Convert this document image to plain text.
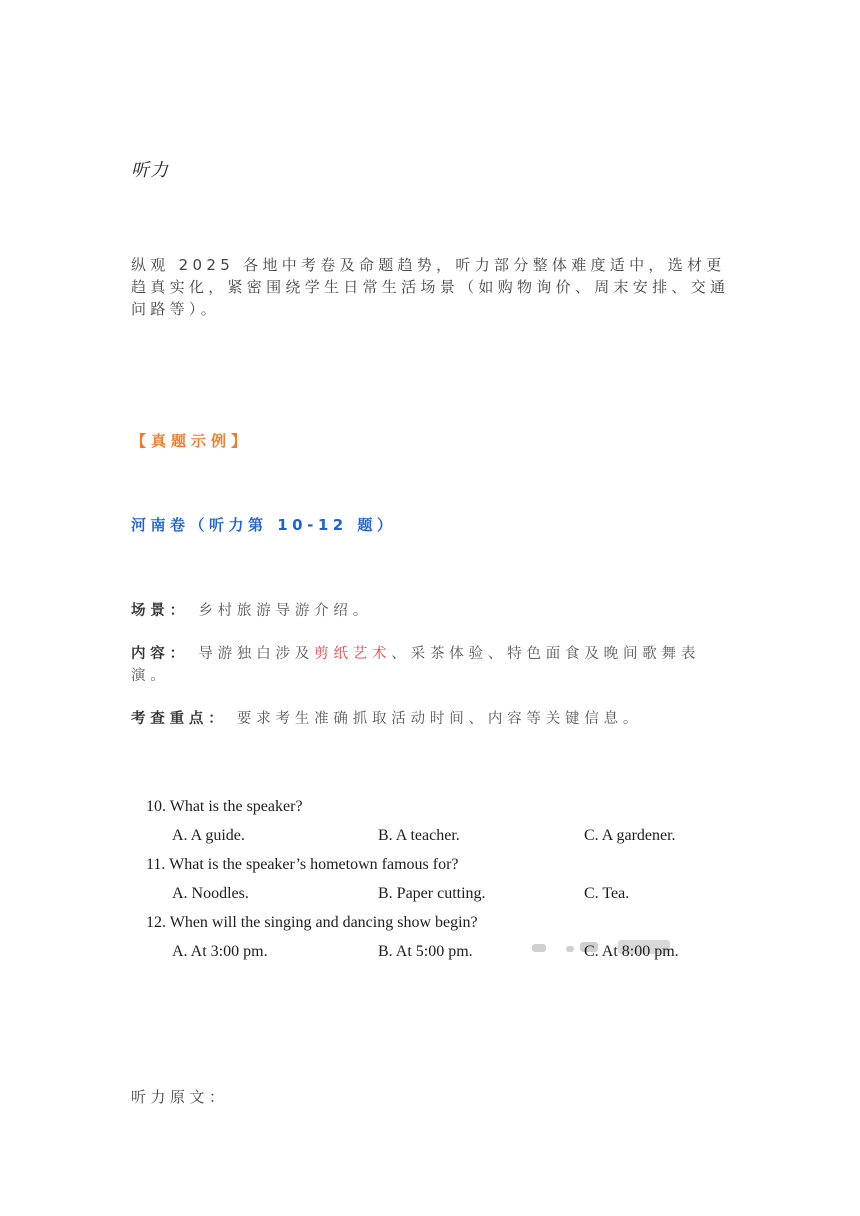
听力
纵观 2025 各地中考卷及命题趋势，听力部分整体难度适中，选材更趋真实化，紧密围绕学生日常生活场景（如购物询价、周末安排、交通问路等）。
【真题示例】
河南卷（听力第 10-12 题）
场景： 乡村旅游导游介绍。
内容： 导游独白涉及剪纸艺术、采茶体验、特色面食及晚间歌舞表演。
考查重点： 要求考生准确抓取活动时间、内容等关键信息。
10. What is the speaker?
A. A guide.	B. A teacher.	C. A gardener.
11. What is the speaker’s hometown famous for?
A. Noodles.	B. Paper cutting.	C. Tea.
12. When will the singing and dancing show begin?
A. At 3:00 pm.	B. At 5:00 pm.	C. At 8:00 pm.
听力原文：
